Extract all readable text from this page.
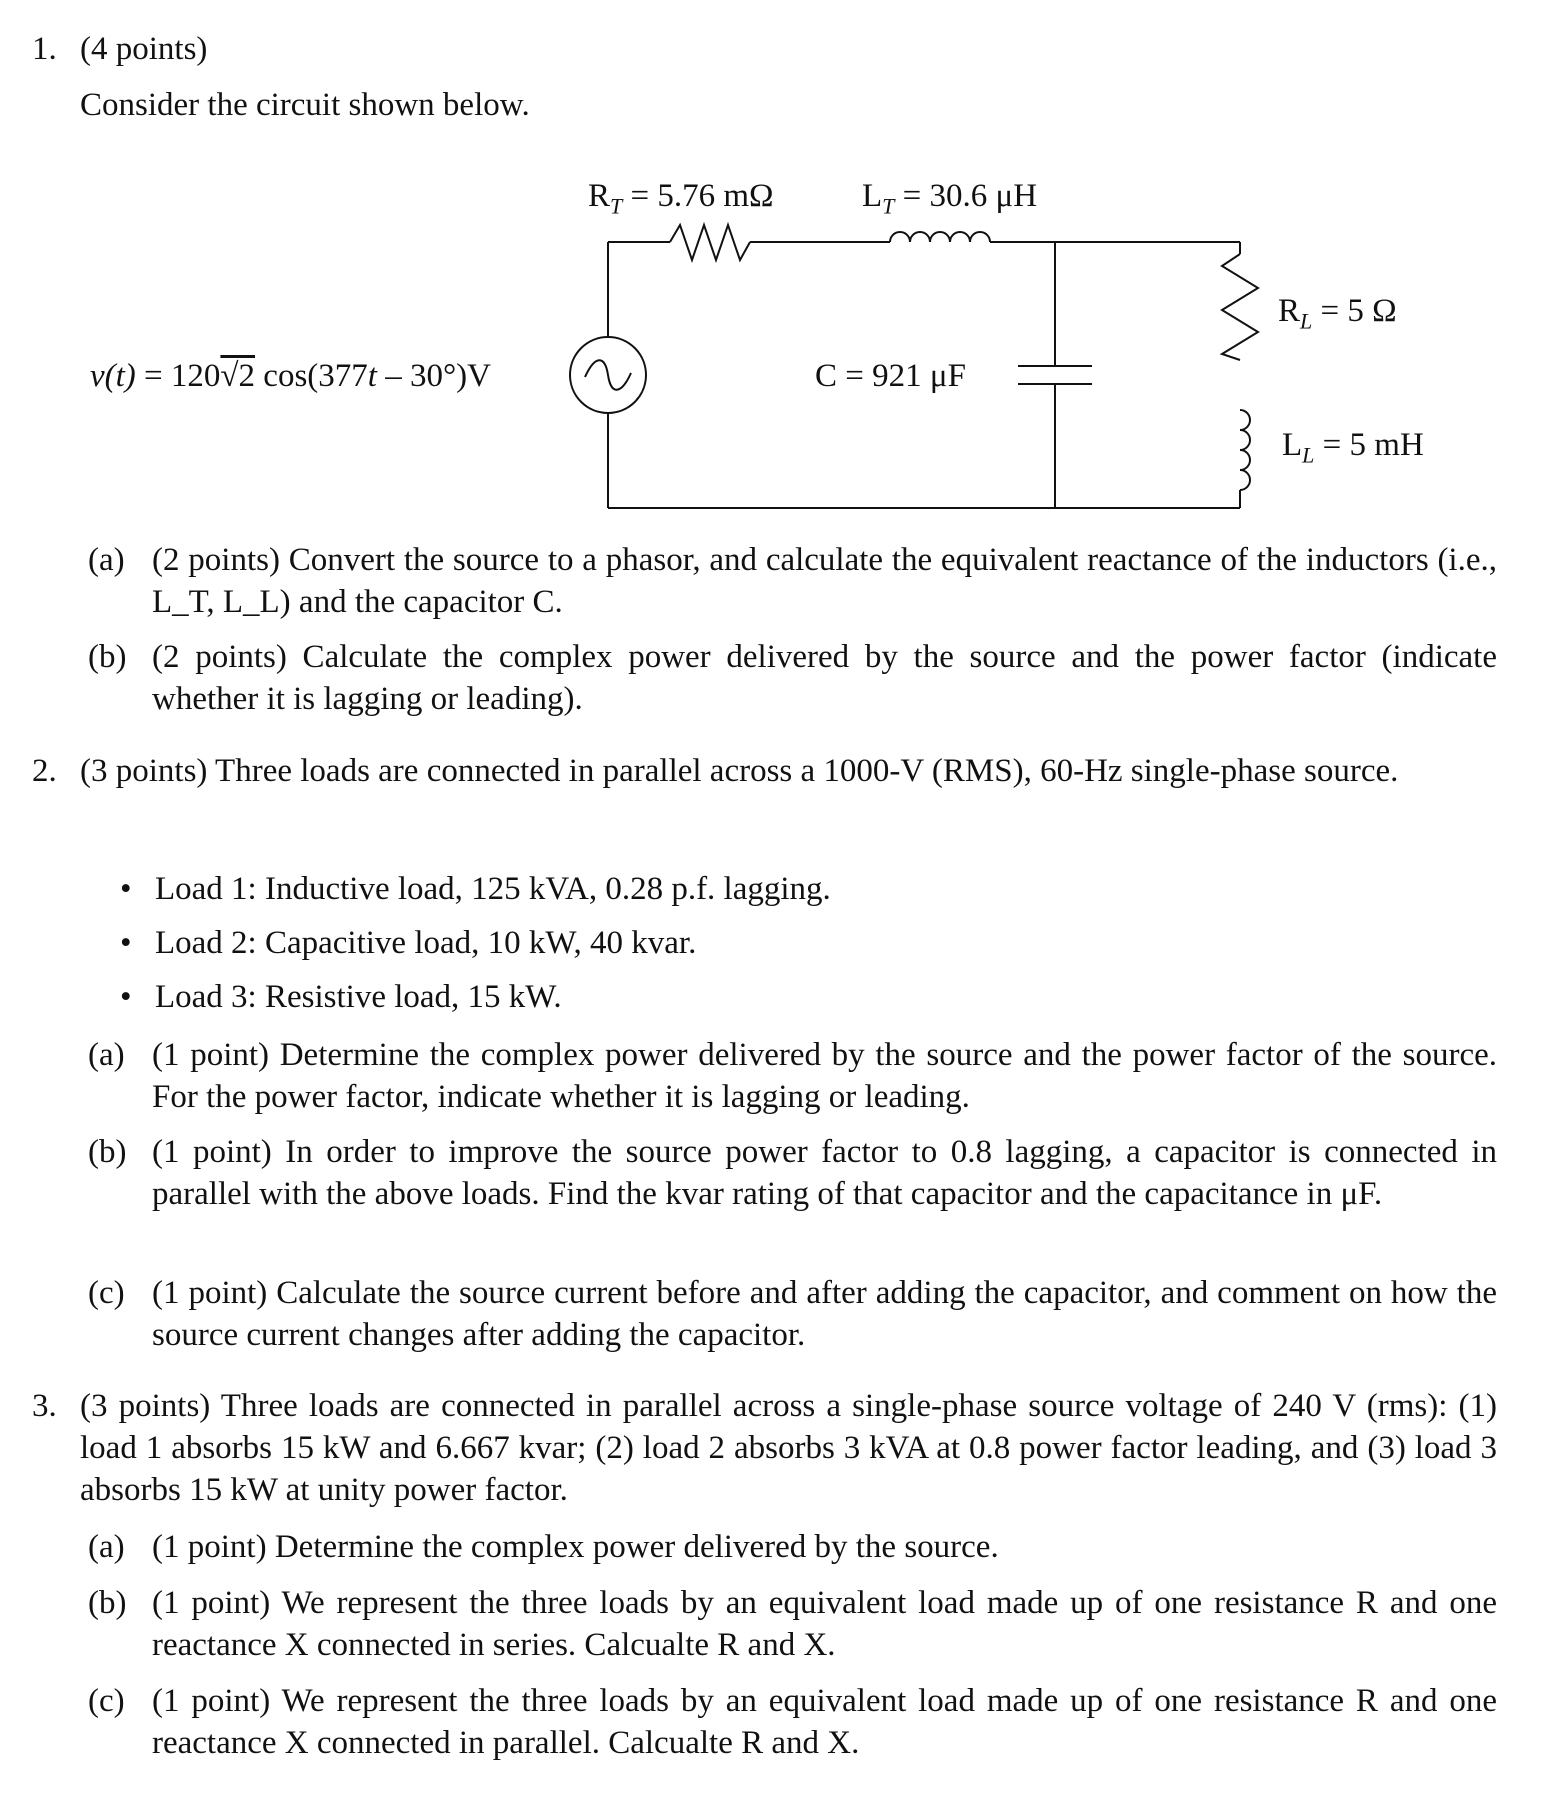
1. (4 points)
Consider the circuit shown below.
$R_T = 5.76$ mΩ	$L_T = 30.6$ μH
v(t) = 120√2 cos(377t – 30°)V	C = 921 μF
$R_L = 5$ Ω
$L_L = 5$ mH
(a) (2 points) Convert the source to a phasor, and calculate the equivalent reactance of the inductors (i.e., L_T, L_L) and the capacitor C.
(b) (2 points) Calculate the complex power delivered by the source and the power factor (indicate whether it is lagging or leading).
2. (3 points) Three loads are connected in parallel across a 1000-V (RMS), 60-Hz single-phase source.
• Load 1: Inductive load, 125 kVA, 0.28 p.f. lagging.
• Load 2: Capacitive load, 10 kW, 40 kvar.
• Load 3: Resistive load, 15 kW.
(a) (1 point) Determine the complex power delivered by the source and the power factor of the source. For the power factor, indicate whether it is lagging or leading.
(b) (1 point) In order to improve the source power factor to 0.8 lagging, a capacitor is connected in parallel with the above loads. Find the kvar rating of that capacitor and the capacitance in μF.
(c) (1 point) Calculate the source current before and after adding the capacitor, and comment on how the source current changes after adding the capacitor.
3. (3 points) Three loads are connected in parallel across a single-phase source voltage of 240 V (rms): (1) load 1 absorbs 15 kW and 6.667 kvar; (2) load 2 absorbs 3 kVA at 0.8 power factor leading, and (3) load 3 absorbs 15 kW at unity power factor.
(a) (1 point) Determine the complex power delivered by the source.
(b) (1 point) We represent the three loads by an equivalent load made up of one resistance R and one reactance X connected in series. Calcualte R and X.
(c) (1 point) We represent the three loads by an equivalent load made up of one resistance R and one reactance X connected in parallel. Calcualte R and X.
